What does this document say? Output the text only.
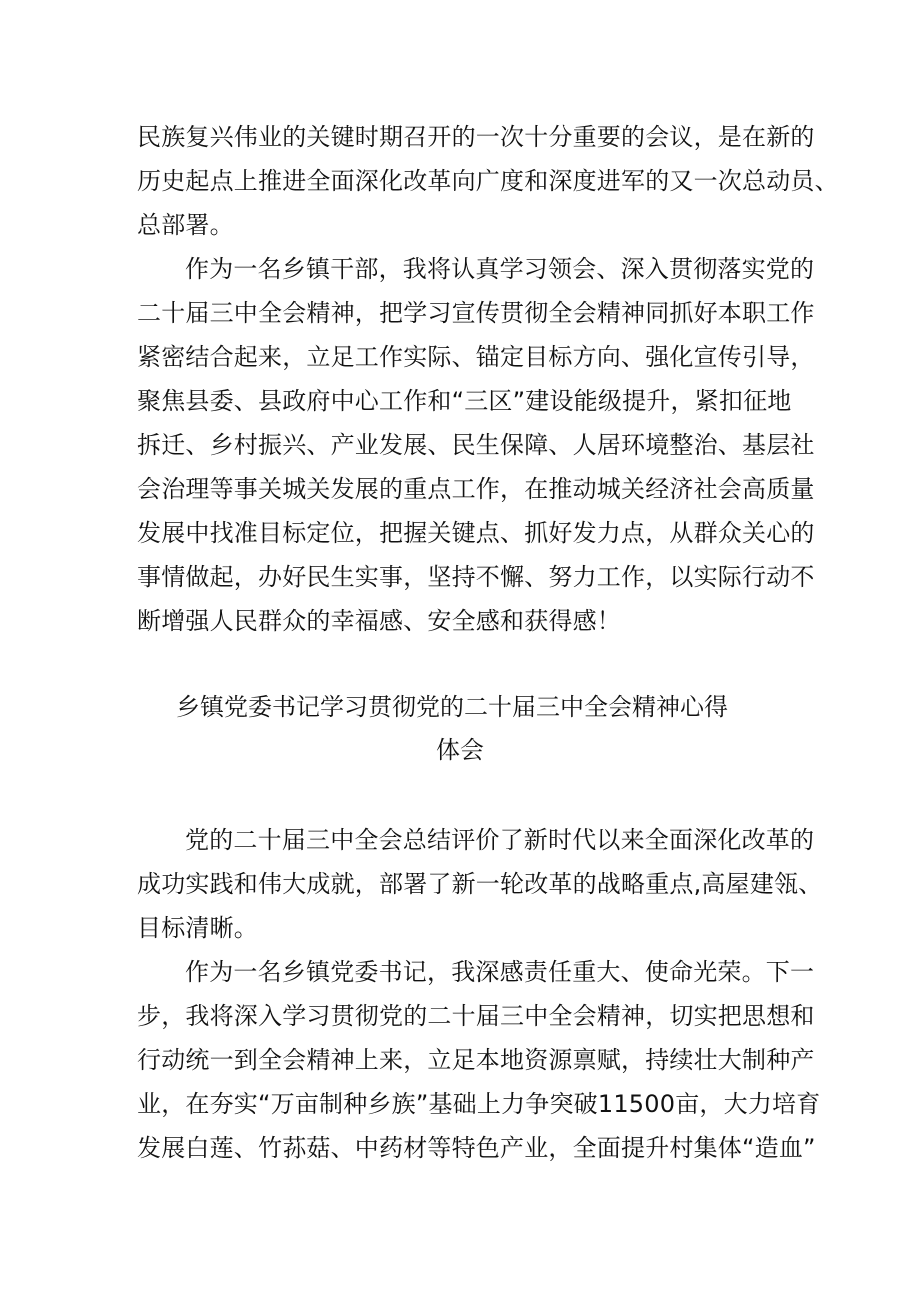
民族复兴伟业的关键时期召开的一次十分重要的会议，是在新的
历史起点上推进全面深化改革向广度和深度进军的又一次总动员、
总部署。
作为一名乡镇干部，我将认真学习领会、深入贯彻落实党的
二十届三中全会精神，把学习宣传贯彻全会精神同抓好本职工作
紧密结合起来，立足工作实际、锚定目标方向、强化宣传引导，
聚焦县委、县政府中心工作和“三区”建设能级提升，紧扣征地
拆迁、乡村振兴、产业发展、民生保障、人居环境整治、基层社
会治理等事关城关发展的重点工作，在推动城关经济社会高质量
发展中找准目标定位，把握关键点、抓好发力点，从群众关心的
事情做起，办好民生实事，坚持不懈、努力工作，以实际行动不
断增强人民群众的幸福感、安全感和获得感！
乡镇党委书记学习贯彻党的二十届三中全会精神心得
体会
党的二十届三中全会总结评价了新时代以来全面深化改革的
成功实践和伟大成就，部署了新一轮改革的战略重点,高屋建瓴、
目标清晰。
作为一名乡镇党委书记，我深感责任重大、使命光荣。下一
步，我将深入学习贯彻党的二十届三中全会精神，切实把思想和
行动统一到全会精神上来，立足本地资源禀赋，持续壮大制种产
业，在夯实“万亩制种乡族”基础上力争突破11500亩，大力培育
发展白莲、竹荪菇、中药材等特色产业，全面提升村集体“造血”
